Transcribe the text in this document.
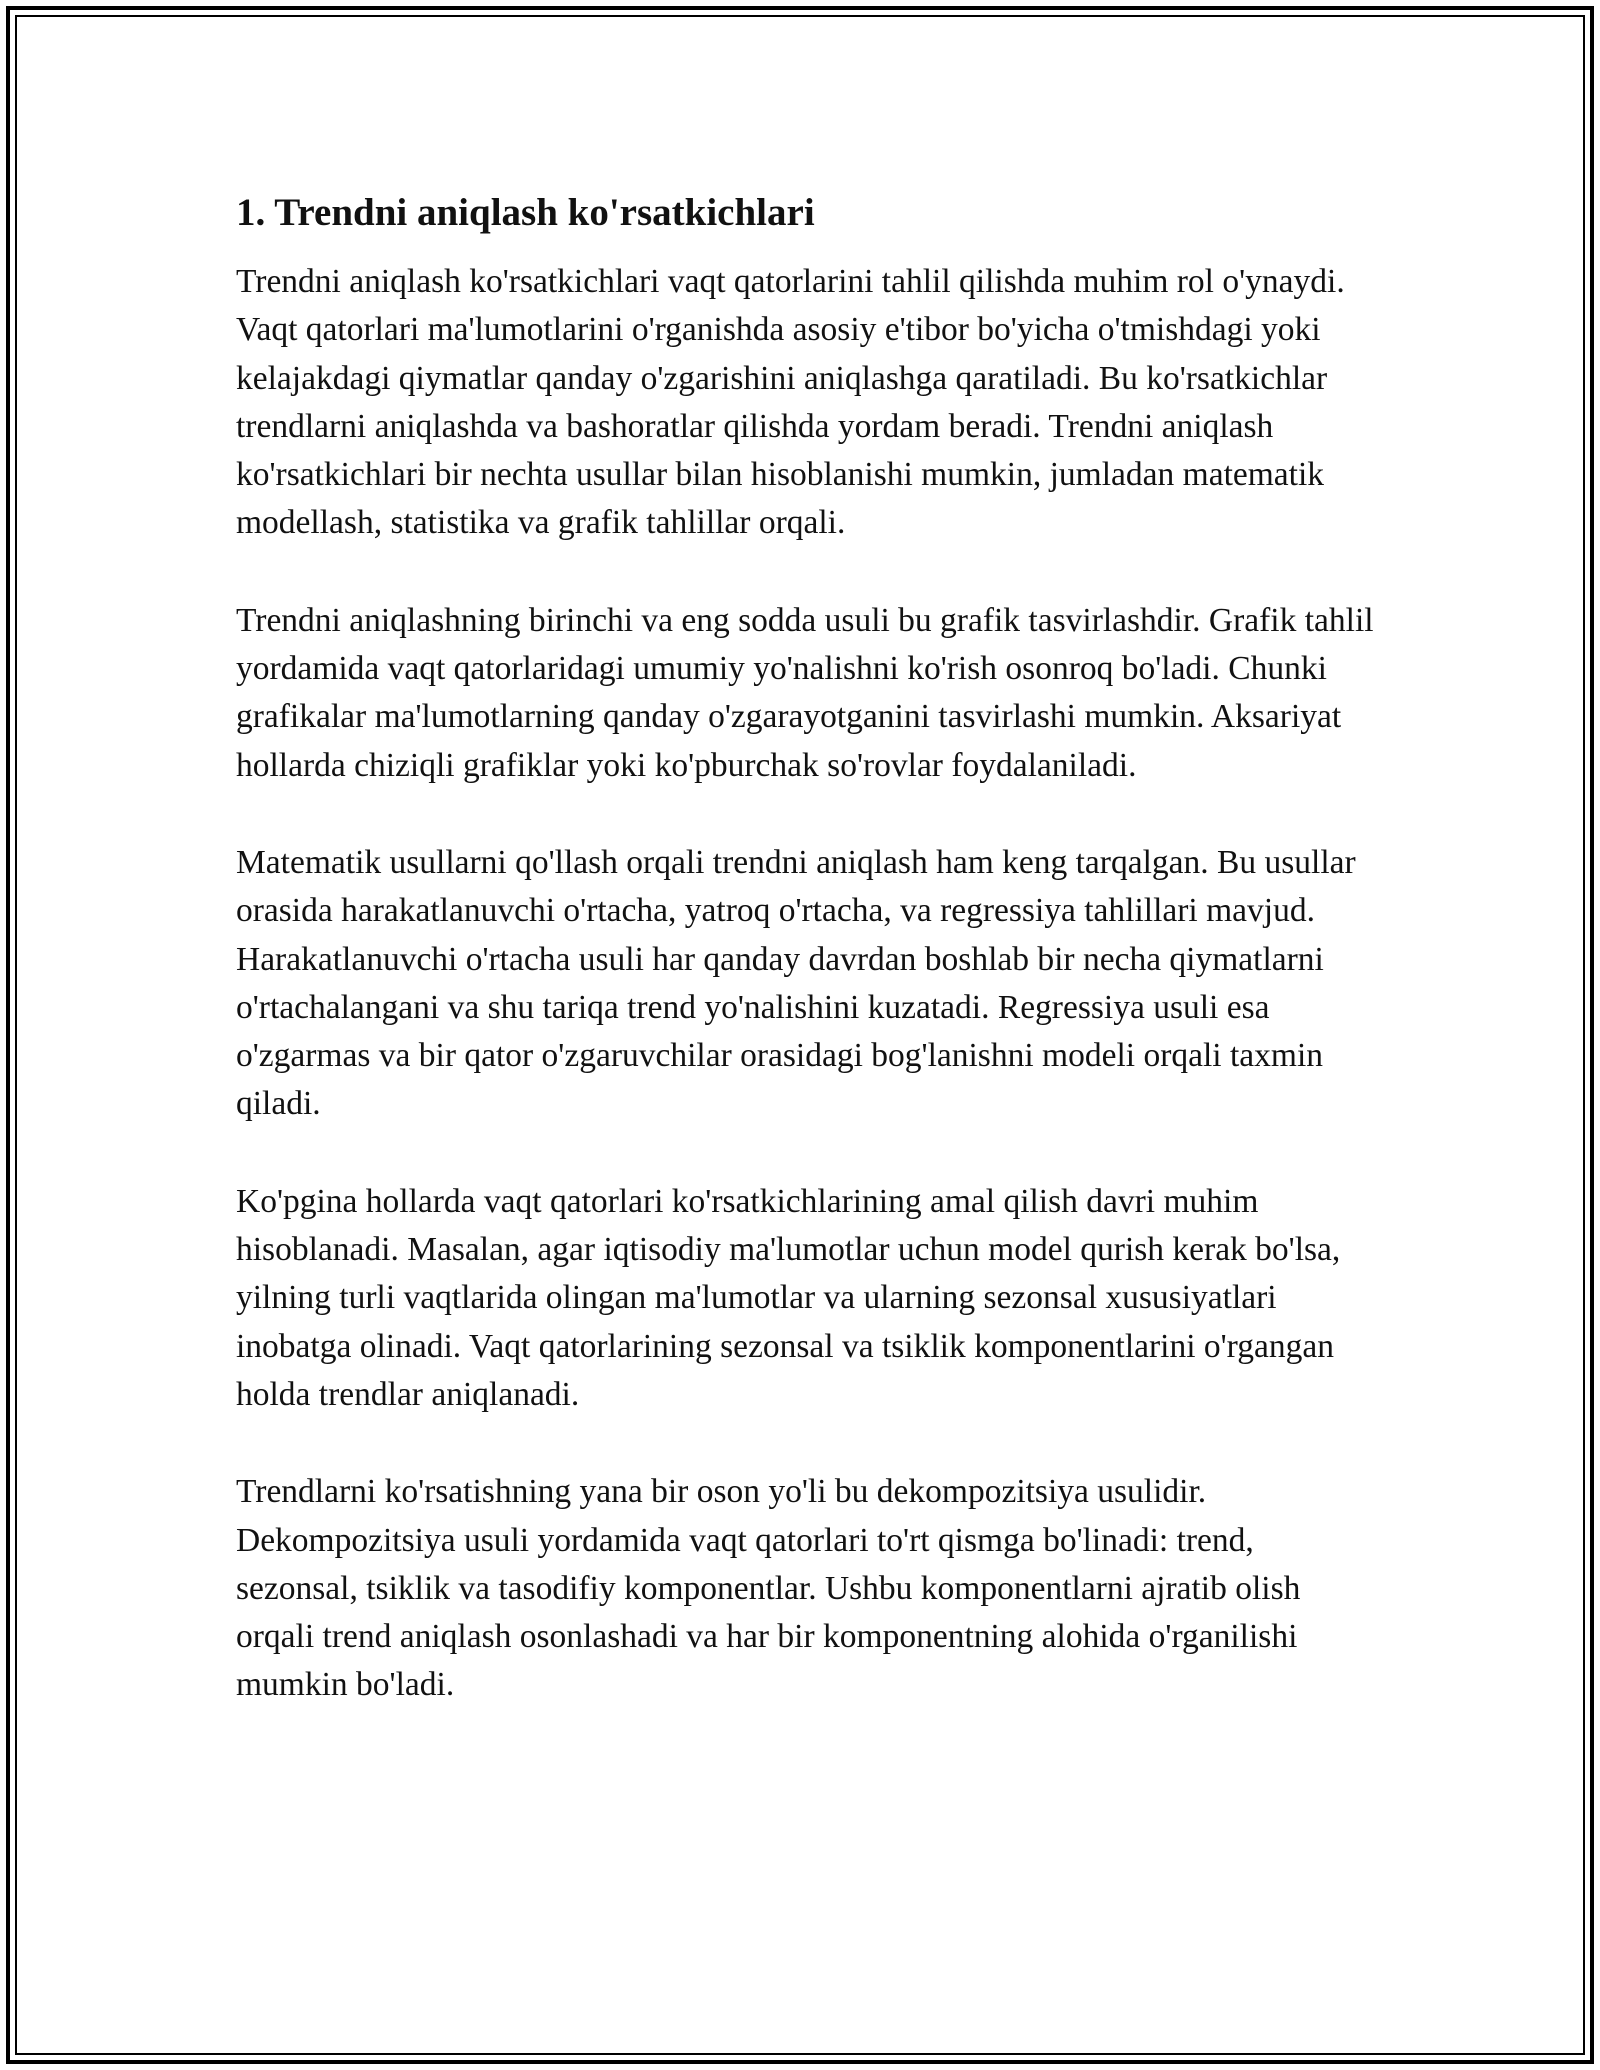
1. Trendni aniqlash ko'rsatkichlari

Trendni aniqlash ko'rsatkichlari vaqt qatorlarini tahlil qilishda muhim rol o'ynaydi. Vaqt qatorlari ma'lumotlarini o'rganishda asosiy e'tibor bo'yicha o'tmishdagi yoki kelajakdagi qiymatlar qanday o'zgarishini aniqlashga qaratiladi. Bu ko'rsatkichlar trendlarni aniqlashda va bashoratlar qilishda yordam beradi. Trendni aniqlash ko'rsatkichlari bir nechta usullar bilan hisoblanishi mumkin, jumladan matematik modellash, statistika va grafik tahlillar orqali.

Trendni aniqlashning birinchi va eng sodda usuli bu grafik tasvirlashdir. Grafik tahlil yordamida vaqt qatorlaridagi umumiy yo'nalishni ko'rish osonroq bo'ladi. Chunki grafikalar ma'lumotlarning qanday o'zgarayotganini tasvirlashi mumkin. Aksariyat hollarda chiziqli grafiklar yoki ko'pburchak so'rovlar foydalaniladi.

Matematik usullarni qo'llash orqali trendni aniqlash ham keng tarqalgan. Bu usullar orasida harakatlanuvchi o'rtacha, yatroq o'rtacha, va regressiya tahlillari mavjud. Harakatlanuvchi o'rtacha usuli har qanday davrdan boshlab bir necha qiymatlarni o'rtachalangani va shu tariqa trend yo'nalishini kuzatadi. Regressiya usuli esa o'zgarmas va bir qator o'zgaruvchilar orasidagi bog'lanishni modeli orqali taxmin qiladi.

Ko'pgina hollarda vaqt qatorlari ko'rsatkichlarining amal qilish davri muhim hisoblanadi. Masalan, agar iqtisodiy ma'lumotlar uchun model qurish kerak bo'lsa, yilning turli vaqtlarida olingan ma'lumotlar va ularning sezonsal xususiyatlari inobatga olinadi. Vaqt qatorlarining sezonsal va tsiklik komponentlarini o'rgangan holda trendlar aniqlanadi.

Trendlarni ko'rsatishning yana bir oson yo'li bu dekompozitsiya usulidir. Dekompozitsiya usuli yordamida vaqt qatorlari to'rt qismga bo'linadi: trend, sezonsal, tsiklik va tasodifiy komponentlar. Ushbu komponentlarni ajratib olish orqali trend aniqlash osonlashadi va har bir komponentning alohida o'rganilishi mumkin bo'ladi.
